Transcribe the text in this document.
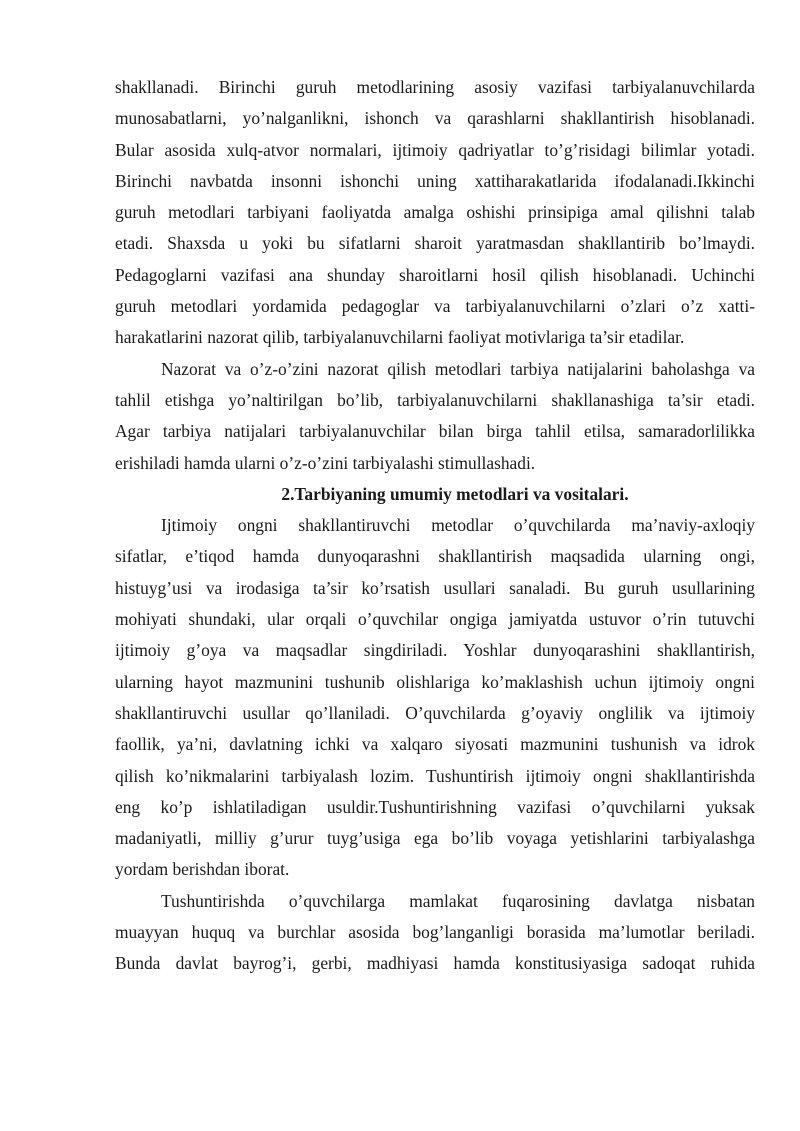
shakllanadi. Birinchi guruh metodlarining asosiy vazifasi tarbiyalanuvchilarda
munosabatlarni, yo’nalganlikni, ishonch va qarashlarni shakllantirish hisoblanadi.
Bular asosida xulq-atvor normalari, ijtimoiy qadriyatlar to’g’risidagi bilimlar yotadi.
Birinchi navbatda insonni ishonchi uning xattiharakatlarida ifodalanadi.Ikkinchi
guruh metodlari tarbiyani faoliyatda amalga oshishi prinsipiga amal qilishni talab
etadi. Shaxsda u yoki bu sifatlarni sharoit yaratmasdan shakllantirib bo’lmaydi.
Pedagoglarni vazifasi ana shunday sharoitlarni hosil qilish hisoblanadi. Uchinchi
guruh metodlari yordamida pedagoglar va tarbiyalanuvchilarni o’zlari o’z xatti-
harakatlarini nazorat qilib, tarbiyalanuvchilarni faoliyat motivlariga ta’sir etadilar.

Nazorat va o’z-o’zini nazorat qilish metodlari tarbiya natijalarini baholashga va
tahlil etishga yo’naltirilgan bo’lib, tarbiyalanuvchilarni shakllanashiga ta’sir etadi.
Agar tarbiya natijalari tarbiyalanuvchilar bilan birga tahlil etilsa, samaradorlilikka
erishiladi hamda ularni o’z-o’zini tarbiyalashi stimullashadi.

2.Tarbiyaning umumiy metodlari va vositalari.

Ijtimoiy ongni shakllantiruvchi metodlar o’quvchilarda ma’naviy-axloqiy
sifatlar, e’tiqod hamda dunyoqarashni shakllantirish maqsadida ularning ongi,
histuyg’usi va irodasiga ta’sir ko’rsatish usullari sanaladi. Bu guruh usullarining
mohiyati shundaki, ular orqali o’quvchilar ongiga jamiyatda ustuvor o’rin tutuvchi
ijtimoiy g’oya va maqsadlar singdiriladi. Yoshlar dunyoqarashini shakllantirish,
ularning hayot mazmunini tushunib olishlariga ko’maklashish uchun ijtimoiy ongni
shakllantiruvchi usullar qo’llaniladi. O’quvchilarda g’oyaviy onglilik va ijtimoiy
faollik, ya’ni, davlatning ichki va xalqaro siyosati mazmunini tushunish va idrok
qilish ko’nikmalarini tarbiyalash lozim. Tushuntirish ijtimoiy ongni shakllantirishda
eng ko’p ishlatiladigan usuldir.Tushuntirishning vazifasi o’quvchilarni yuksak
madaniyatli, milliy g’urur tuyg’usiga ega bo’lib voyaga yetishlarini tarbiyalashga
yordam berishdan iborat.

Tushuntirishda o’quvchilarga mamlakat fuqarosining davlatga nisbatan
muayyan huquq va burchlar asosida bog’langanligi borasida ma’lumotlar beriladi.
Bunda davlat bayrog’i, gerbi, madhiyasi hamda konstitusiyasiga sadoqat ruhida
